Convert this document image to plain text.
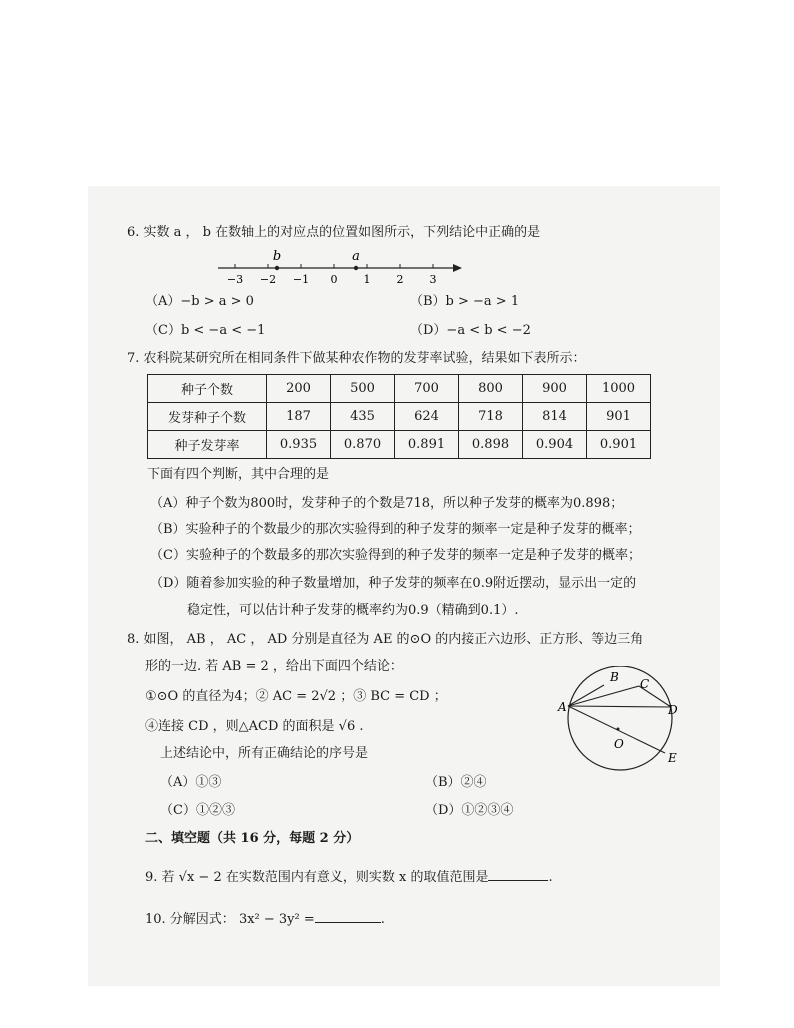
6. 实数 a ， b 在数轴上的对应点的位置如图所示，下列结论中正确的是
b	a
−3 −2 −1 0 1 2 3
（A）−b > a > 0	（B）b > −a > 1
（C）b < −a < −1	（D）−a < b < −2
7. 农科院某研究所在相同条件下做某种农作物的发芽率试验，结果如下表所示：
种子个数	200	500	700	800	900	1000
发芽种子个数	187	435	624	718	814	901
种子发芽率	0.935	0.870	0.891	0.898	0.904	0.901
下面有四个判断，其中合理的是
（A）种子个数为800时，发芽种子的个数是718，所以种子发芽的概率为0.898；
（B）实验种子的个数最少的那次实验得到的种子发芽的频率一定是种子发芽的概率；
（C）实验种子的个数最多的那次实验得到的种子发芽的频率一定是种子发芽的概率；
（D）随着参加实验的种子数量增加，种子发芽的频率在0.9附近摆动，显示出一定的
稳定性，可以估计种子发芽的概率约为0.9（精确到0.1）.
8. 如图， AB ， AC ， AD 分别是直径为 AE 的⊙O 的内接正六边形、正方形、等边三角
形的一边. 若 AB = 2 ，给出下面四个结论：
①⊙O 的直径为4；② AC = 2√2 ；③ BC = CD ；
④连接 CD ，则△ACD 的面积是 √6 .
上述结论中，所有正确结论的序号是
（A）①③	（B）②④
（C）①②③	（D）①②③④
A
B C
D
E
O
二、填空题（共 16 分，每题 2 分）
9. 若 √x − 2 在实数范围内有意义，则实数 x 的取值范围是	.
10. 分解因式： 3x² − 3y² =	.
